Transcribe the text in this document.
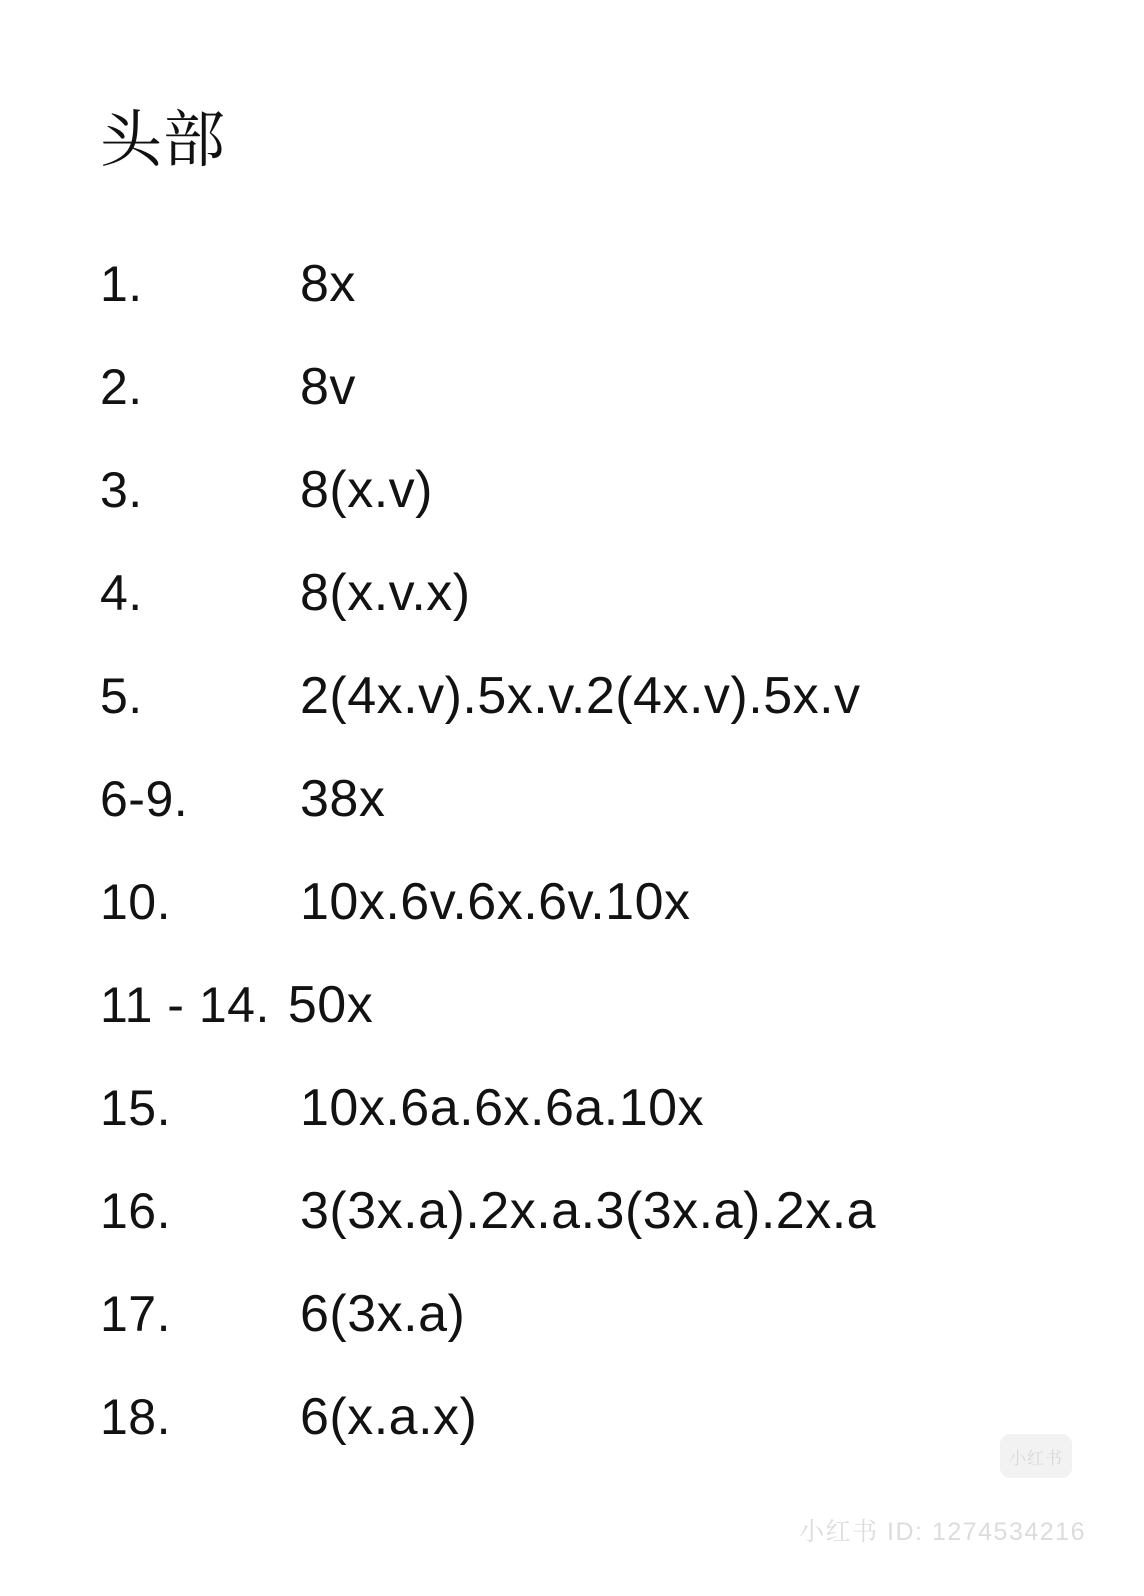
头部
1.	8x
2.	8v
3.	8(x.v)
4.	8(x.v.x)
5.	2(4x.v).5x.v.2(4x.v).5x.v
6-9.	38x
10.	10x.6v.6x.6v.10x
11 - 14. 50x
15.	10x.6a.6x.6a.10x
16.	3(3x.a).2x.a.3(3x.a).2x.a
17.	6(3x.a)
18.	6(x.a.x)
小红书
小红书 ID: 1274534216
